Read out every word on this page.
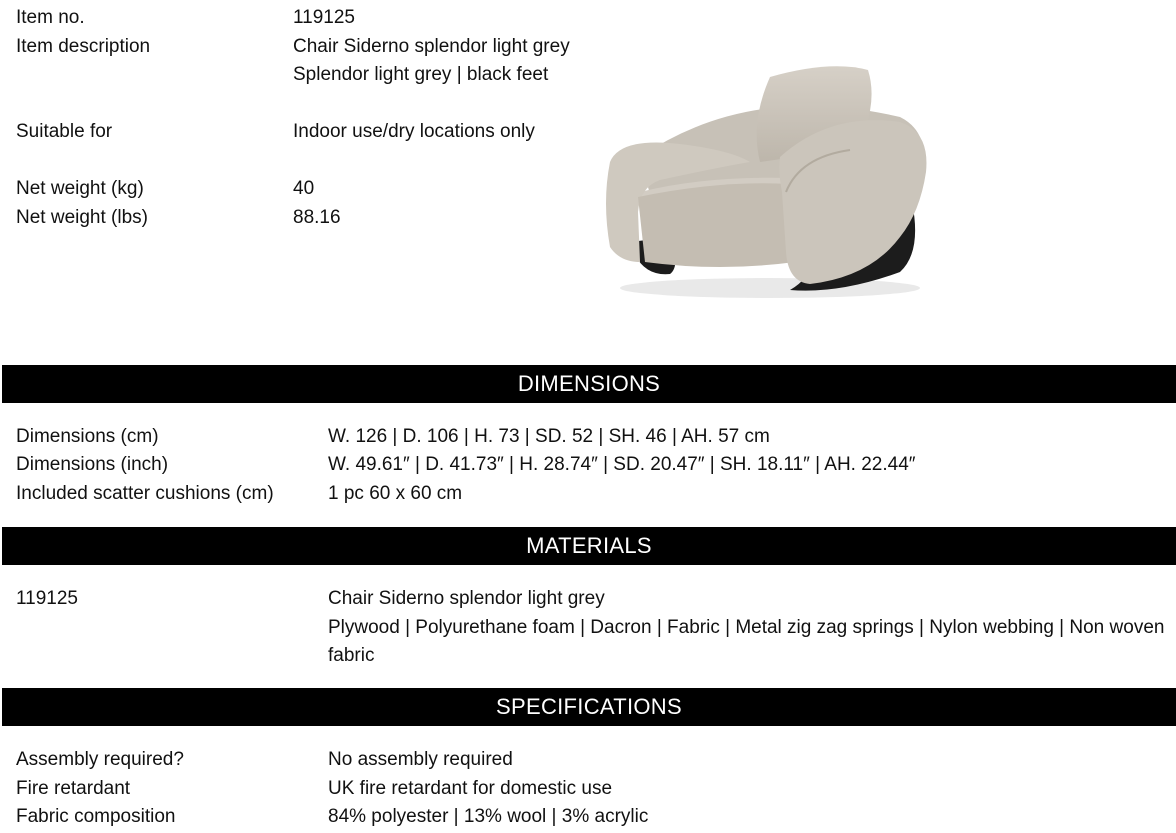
Item no.	119125
Item description	Chair Siderno splendor light grey
Splendor light grey | black feet
Suitable for	Indoor use/dry locations only
Net weight (kg)	40
Net weight (lbs)	88.16
DIMENSIONS
Dimensions (cm)	W. 126 | D. 106 | H. 73 | SD. 52 | SH. 46 | AH. 57 cm
Dimensions (inch)	W. 49.61″ | D. 41.73″ | H. 28.74″ | SD. 20.47″ | SH. 18.11″ | AH. 22.44″
Included scatter cushions (cm)	1 pc 60 x 60 cm
MATERIALS
119125	Chair Siderno splendor light grey
Plywood | Polyurethane foam | Dacron | Fabric | Metal zig zag springs | Nylon webbing | Non woven
fabric
SPECIFICATIONS
Assembly required?	No assembly required
Fire retardant	UK fire retardant for domestic use
Fabric composition	84% polyester | 13% wool | 3% acrylic
